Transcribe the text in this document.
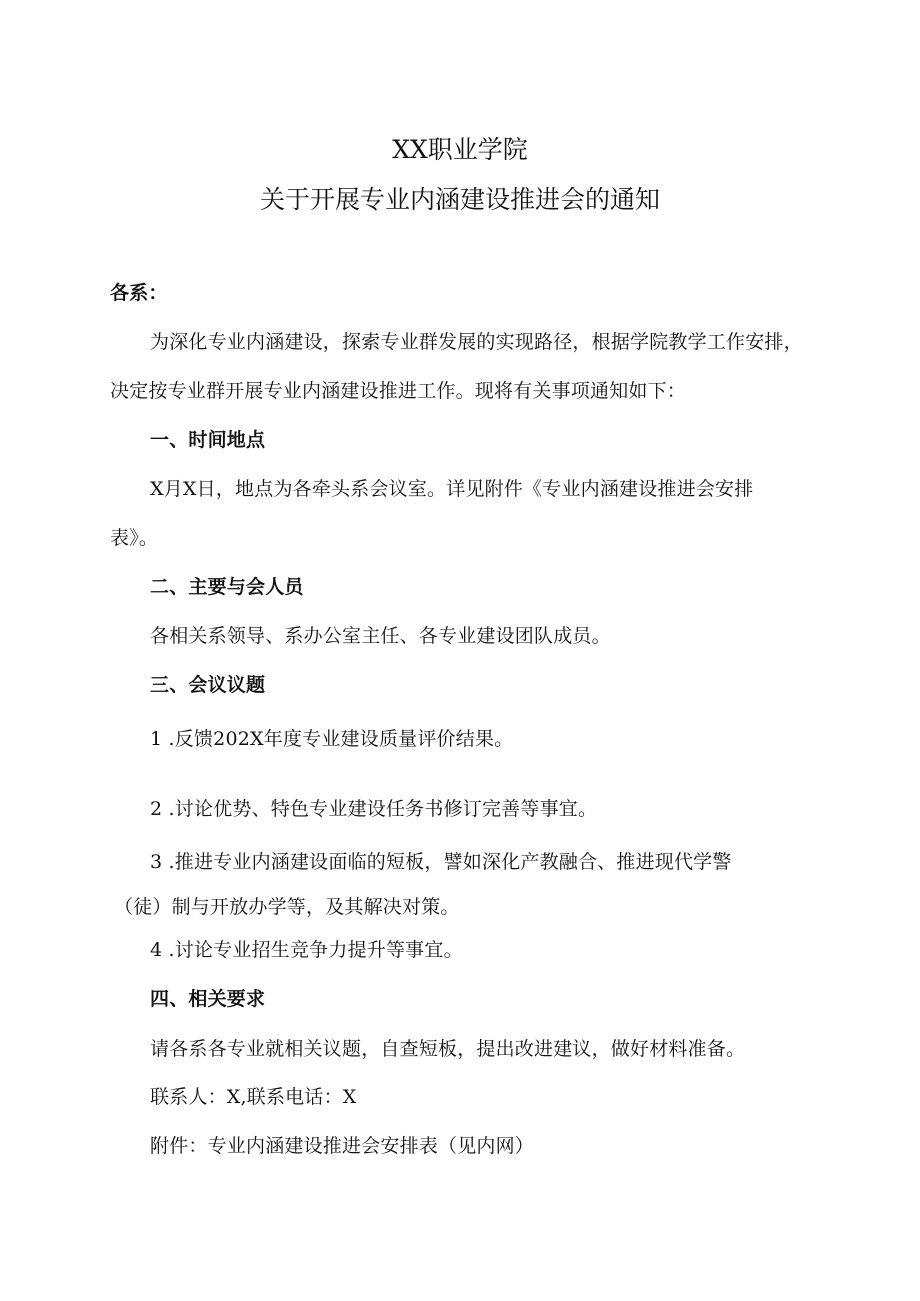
XX职业学院
关于开展专业内涵建设推进会的通知
各系：
为深化专业内涵建设，探索专业群发展的实现路径，根据学院教学工作安排，
决定按专业群开展专业内涵建设推进工作。现将有关事项通知如下：
一、时间地点
X月X日，地点为各牵头系会议室。详见附件《专业内涵建设推进会安排
表》。
二、主要与会人员
各相关系领导、系办公室主任、各专业建设团队成员。
三、会议议题
1 .反馈202X年度专业建设质量评价结果。
2 .讨论优势、特色专业建设任务书修订完善等事宜。
3 .推进专业内涵建设面临的短板，譬如深化产教融合、推进现代学警
（徒）制与开放办学等，及其解决对策。
4 .讨论专业招生竞争力提升等事宜。
四、相关要求
请各系各专业就相关议题，自查短板，提出改进建议，做好材料准备。
联系人：X,联系电话：X
附件：专业内涵建设推进会安排表（见内网）
